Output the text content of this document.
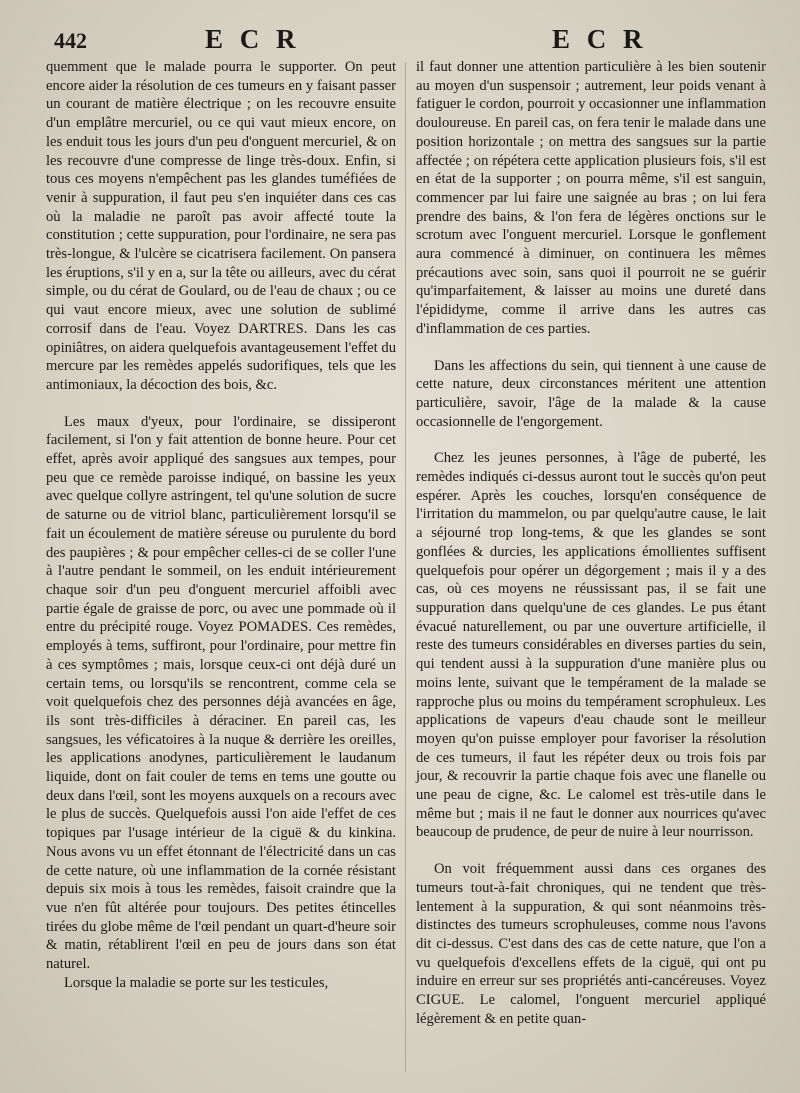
442	E C R	E C R

quemment que le malade pourra le supporter. On peut encore aider la résolution de ces tumeurs en y faisant passer un courant de matière électrique ; on les recouvre ensuite d'un emplâtre mercuriel, ou ce qui vaut mieux encore, on les enduit tous les jours d'un peu d'onguent mercuriel, & on les recouvre d'une compresse de linge très-doux. Enfin, si tous ces moyens n'empêchent pas les glandes tuméfiées de venir à suppuration, il faut peu s'en inquiéter dans ces cas où la maladie ne paroît pas avoir affecté toute la constitution ; cette suppuration, pour l'ordinaire, ne sera pas très-longue, & l'ulcère se cicatrisera facilement. On pansera les éruptions, s'il y en a, sur la tête ou ailleurs, avec du cérat simple, ou du cérat de Goulard, ou de l'eau de chaux ; ou ce qui vaut encore mieux, avec une solution de sublimé corrosif dans de l'eau. Voyez DARTRES. Dans les cas opiniâtres, on aidera quelquefois avantageusement l'effet du mercure par les remèdes appelés sudorifiques, tels que les antimoniaux, la décoction des bois, &c.

Les maux d'yeux, pour l'ordinaire, se dissiperont facilement, si l'on y fait attention de bonne heure. Pour cet effet, après avoir appliqué des sangsues aux tempes, pour peu que ce remède paroisse indiqué, on bassine les yeux avec quelque collyre astringent, tel qu'une solution de sucre de saturne ou de vitriol blanc, particulièrement lorsqu'il se fait un écoulement de matière séreuse ou purulente du bord des paupières ; & pour empêcher celles-ci de se coller l'une à l'autre pendant le sommeil, on les enduit intérieurement chaque soir d'un peu d'onguent mercuriel affoibli avec partie égale de graisse de porc, ou avec une pommade où il entre du précipité rouge. Voyez POMADES. Ces remèdes, employés à tems, suffiront, pour l'ordinaire, pour mettre fin à ces symptômes ; mais, lorsque ceux-ci ont déjà duré un certain tems, ou lorsqu'ils se rencontrent, comme cela se voit quelquefois chez des personnes déjà avancées en âge, ils sont très-difficiles à déraciner. En pareil cas, les sangsues, les véficatoires à la nuque & derrière les oreilles, les applications anodynes, particulièrement le laudanum liquide, dont on fait couler de tems en tems une goutte ou deux dans l'œil, sont les moyens auxquels on a recours avec le plus de succès. Quelquefois aussi l'on aide l'effet de ces topiques par l'usage intérieur de la ciguë & du kinkina. Nous avons vu un effet étonnant de l'électricité dans un cas de cette nature, où une inflammation de la cornée résistant depuis six mois à tous les remèdes, faisoit craindre que la vue n'en fût altérée pour toujours. Des petites étincelles tirées du globe même de l'œil pendant un quart-d'heure soir & matin, rétablirent l'œil en peu de jours dans son état naturel.

Lorsque la maladie se porte sur les testicules,

il faut donner une attention particulière à les bien soutenir au moyen d'un suspensoir ; autrement, leur poids venant à fatiguer le cordon, pourroit y occasionner une inflammation douloureuse. En pareil cas, on fera tenir le malade dans une position horizontale ; on mettra des sangsues sur la partie affectée ; on répétera cette application plusieurs fois, s'il est en état de la supporter ; on pourra même, s'il est sanguin, commencer par lui faire une saignée au bras ; on lui fera prendre des bains, & l'on fera de légères onctions sur le scrotum avec l'onguent mercuriel. Lorsque le gonflement aura commencé à diminuer, on continuera les mêmes précautions avec soin, sans quoi il pourroit ne se guérir qu'imparfaitement, & laisser au moins une dureté dans l'épididyme, comme il arrive dans les autres cas d'inflammation de ces parties.

Dans les affections du sein, qui tiennent à une cause de cette nature, deux circonstances méritent une attention particulière, savoir, l'âge de la malade & la cause occasionnelle de l'engorgement.

Chez les jeunes personnes, à l'âge de puberté, les remèdes indiqués ci-dessus auront tout le succès qu'on peut espérer. Après les couches, lorsqu'en conséquence de l'irritation du mammelon, ou par quelqu'autre cause, le lait a séjourné trop long-tems, & que les glandes se sont gonflées & durcies, les applications émollientes suffisent quelquefois pour opérer un dégorgement ; mais il y a des cas, où ces moyens ne réussissant pas, il se fait une suppuration dans quelqu'une de ces glandes. Le pus étant évacué naturellement, ou par une ouverture artificielle, il reste des tumeurs considérables en diverses parties du sein, qui tendent aussi à la suppuration d'une manière plus ou moins lente, suivant que le tempérament de la malade se rapproche plus ou moins du tempérament scrophuleux. Les applications de vapeurs d'eau chaude sont le meilleur moyen qu'on puisse employer pour favoriser la résolution de ces tumeurs, il faut les répéter deux ou trois fois par jour, & recouvrir la partie chaque fois avec une flanelle ou une peau de cigne, &c. Le calomel est très-utile dans le même but ; mais il ne faut le donner aux nourrices qu'avec beaucoup de prudence, de peur de nuire à leur nourrisson.

On voit fréquemment aussi dans ces organes des tumeurs tout-à-fait chroniques, qui ne tendent que très-lentement à la suppuration, & qui sont néanmoins très-distinctes des tumeurs scrophuleuses, comme nous l'avons dit ci-dessus. C'est dans des cas de cette nature, que l'on a vu quelquefois d'excellens effets de la ciguë, qui ont pu induire en erreur sur ses propriétés anti-cancéreuses. Voyez CIGUE. Le calomel, l'onguent mercuriel appliqué légèrement & en petite quan-
